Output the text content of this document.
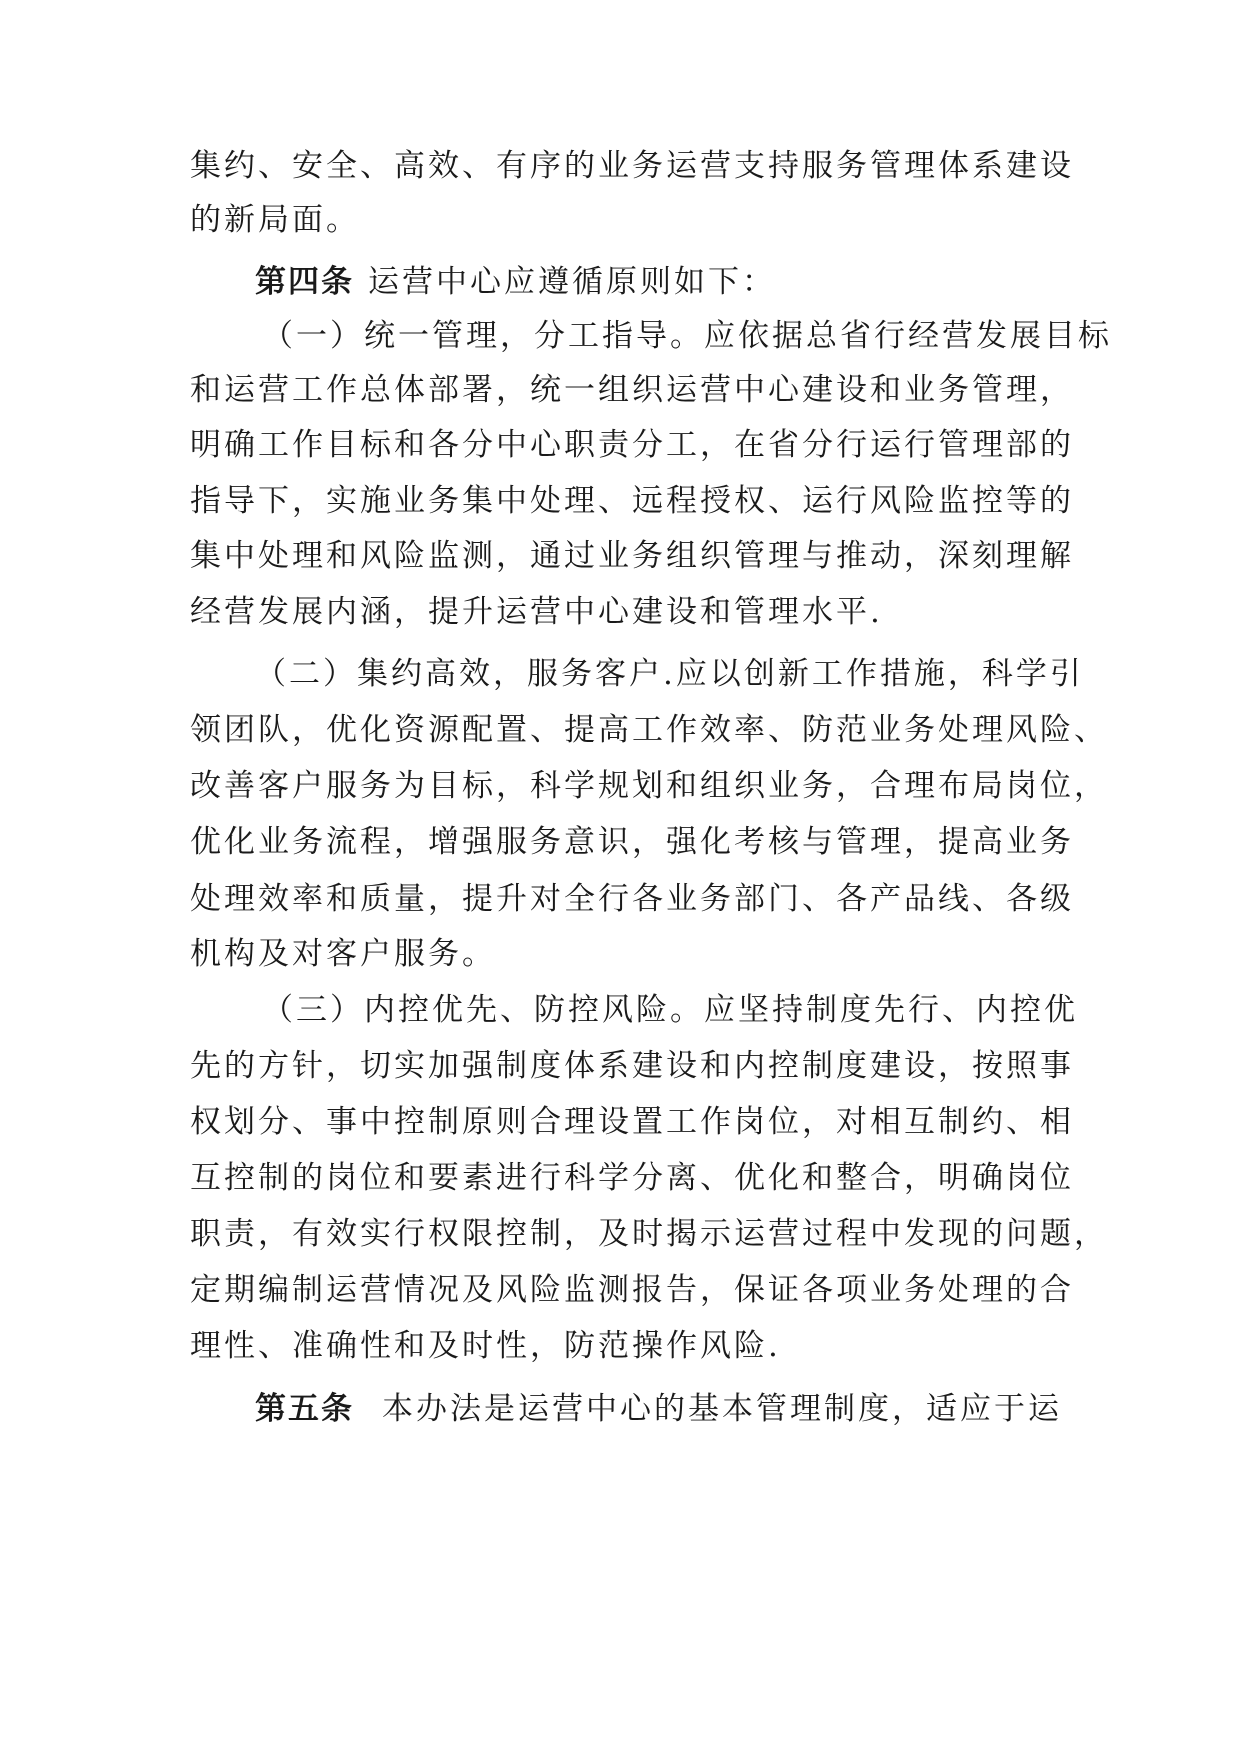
集约、安全、高效、有序的业务运营支持服务管理体系建设
的新局面。
第四条 运营中心应遵循原则如下：
（一）统一管理，分工指导。应依据总省行经营发展目标
和运营工作总体部署，统一组织运营中心建设和业务管理，
明确工作目标和各分中心职责分工，在省分行运行管理部的
指导下，实施业务集中处理、远程授权、运行风险监控等的
集中处理和风险监测，通过业务组织管理与推动，深刻理解
经营发展内涵，提升运营中心建设和管理水平.
（二）集约高效，服务客户.应以创新工作措施，科学引
领团队，优化资源配置、提高工作效率、防范业务处理风险、
改善客户服务为目标，科学规划和组织业务，合理布局岗位，
优化业务流程，增强服务意识，强化考核与管理，提高业务
处理效率和质量，提升对全行各业务部门、各产品线、各级
机构及对客户服务。
（三）内控优先、防控风险。应坚持制度先行、内控优
先的方针，切实加强制度体系建设和内控制度建设，按照事
权划分、事中控制原则合理设置工作岗位，对相互制约、相
互控制的岗位和要素进行科学分离、优化和整合，明确岗位
职责，有效实行权限控制，及时揭示运营过程中发现的问题，
定期编制运营情况及风险监测报告，保证各项业务处理的合
理性、准确性和及时性，防范操作风险.
第五条 本办法是运营中心的基本管理制度，适应于运
